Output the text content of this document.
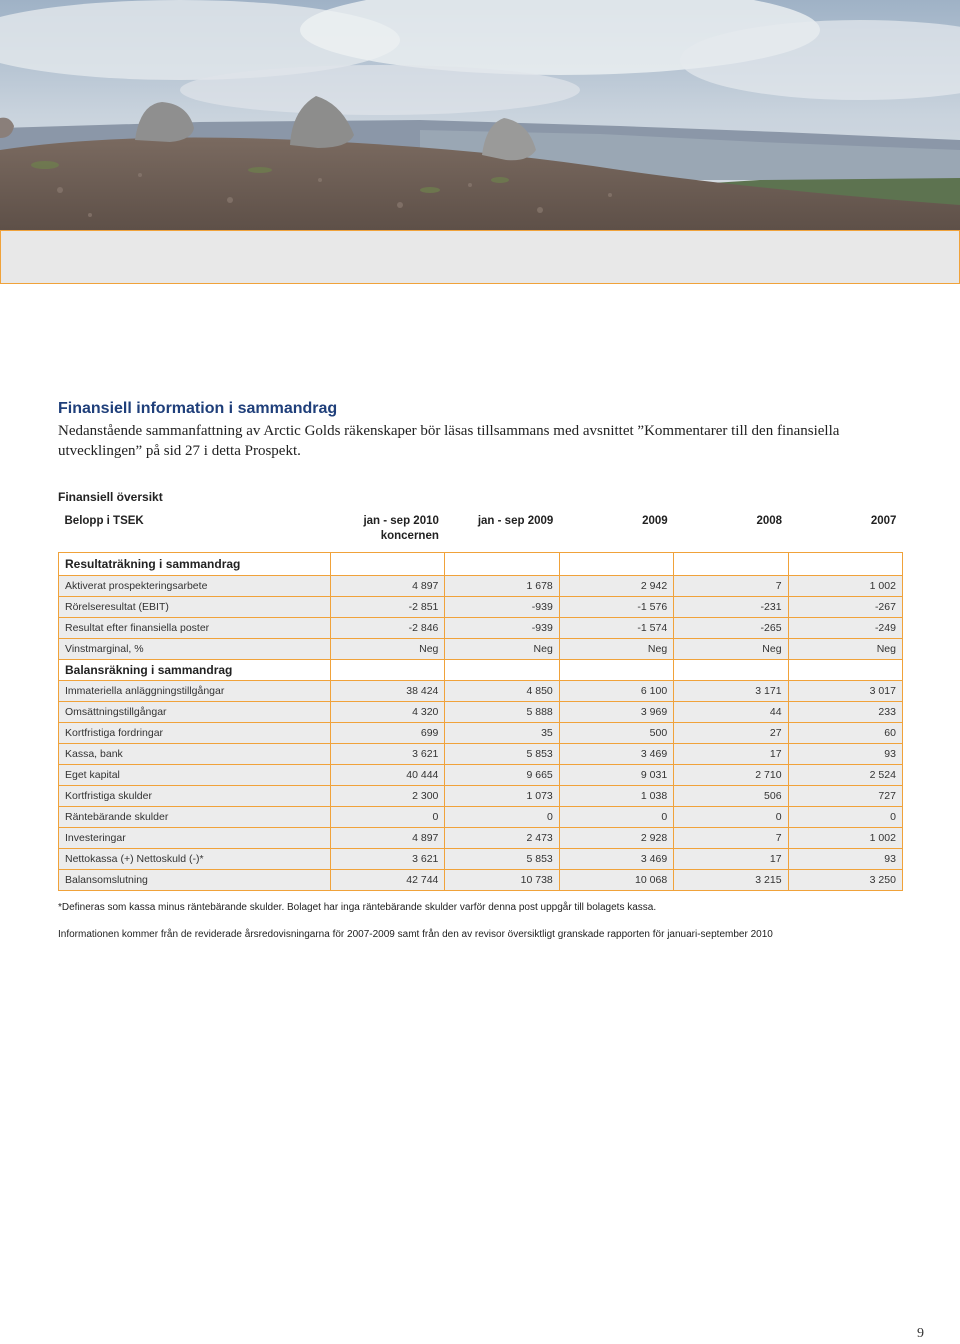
Finansiell information i sammandrag

Nedanstående sammanfattning av Arctic Golds räkenskaper bör läsas tillsammans med avsnittet ”Kommentarer till den finansiella utvecklingen” på sid 27 i detta Prospekt.

Finansiell översikt
Belopp i TSEK	jan - sep 2010 koncernen	jan - sep 2009	2009	2008	2007
Resultaträkning i sammandrag					
Aktiverat prospekteringsarbete	4 897	1 678	2 942	7	1 002
Rörelseresultat (EBIT)	-2 851	-939	-1 576	-231	-267
Resultat efter finansiella poster	-2 846	-939	-1 574	-265	-249
Vinstmarginal, %	Neg	Neg	Neg	Neg	Neg
Balansräkning i sammandrag					
Immateriella anläggningstillgångar	38 424	4 850	6 100	3 171	3 017
Omsättningstillgångar	4 320	5 888	3 969	44	233
Kortfristiga fordringar	699	35	500	27	60
Kassa, bank	3 621	5 853	3 469	17	93
Eget kapital	40 444	9 665	9 031	2 710	2 524
Kortfristiga skulder	2 300	1 073	1 038	506	727
Räntebärande skulder	0	0	0	0	0
Investeringar	4 897	2 473	2 928	7	1 002
Nettokassa (+) Nettoskuld (-)*	3 621	5 853	3 469	17	93
Balansomslutning	42 744	10 738	10 068	3 215	3 250

*Defineras som kassa minus räntebärande skulder. Bolaget har inga räntebärande skulder varför denna post uppgår till bolagets kassa.

Informationen kommer från de reviderade årsredovisningarna för 2007-2009 samt från den av revisor översiktligt granskade rapporten för januari-september 2010

9
